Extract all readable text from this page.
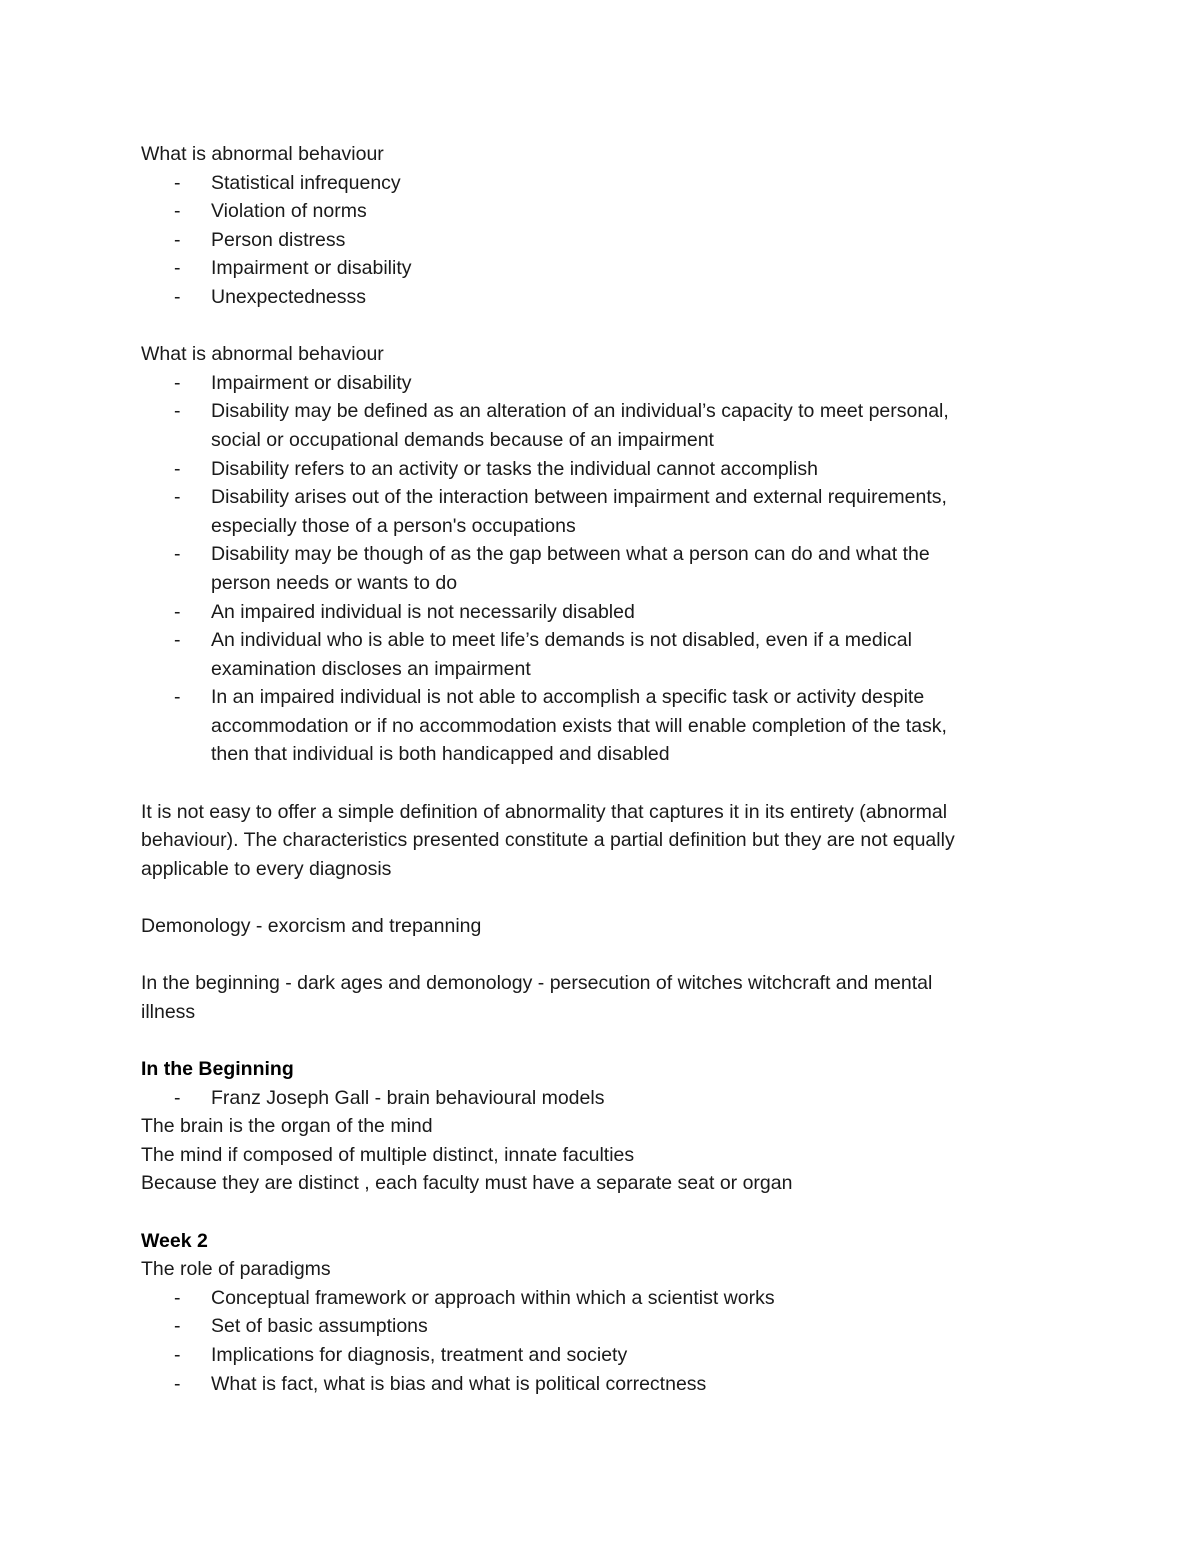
What is abnormal behaviour

- Statistical infrequency
- Violation of norms
- Person distress
- Impairment or disability
- Unexpectednesss

What is abnormal behaviour

- Impairment or disability
- Disability may be defined as an alteration of an individual’s capacity to meet personal,
social or occupational demands because of an impairment
- Disability refers to an activity or tasks the individual cannot accomplish
- Disability arises out of the interaction between impairment and external requirements,
especially those of a person's occupations
- Disability may be though of as the gap between what a person can do and what the
person needs or wants to do
- An impaired individual is not necessarily disabled
- An individual who is able to meet life’s demands is not disabled, even if a medical
examination discloses an impairment
- In an impaired individual is not able to accomplish a specific task or activity despite
accommodation or if no accommodation exists that will enable completion of the task,
then that individual is both handicapped and disabled

It is not easy to offer a simple definition of abnormality that captures it in its entirety (abnormal

behaviour). The characteristics presented constitute a partial definition but they are not equally

applicable to every diagnosis

Demonology - exorcism and trepanning

In the beginning - dark ages and demonology - persecution of witches witchcraft and mental

illness

In the Beginning

- Franz Joseph Gall - brain behavioural models

The brain is the organ of the mind

The mind if composed of multiple distinct, innate faculties

Because they are distinct , each faculty must have a separate seat or organ

Week 2

The role of paradigms

- Conceptual framework or approach within which a scientist works
- Set of basic assumptions
- Implications for diagnosis, treatment and society
- What is fact, what is bias and what is political correctness
